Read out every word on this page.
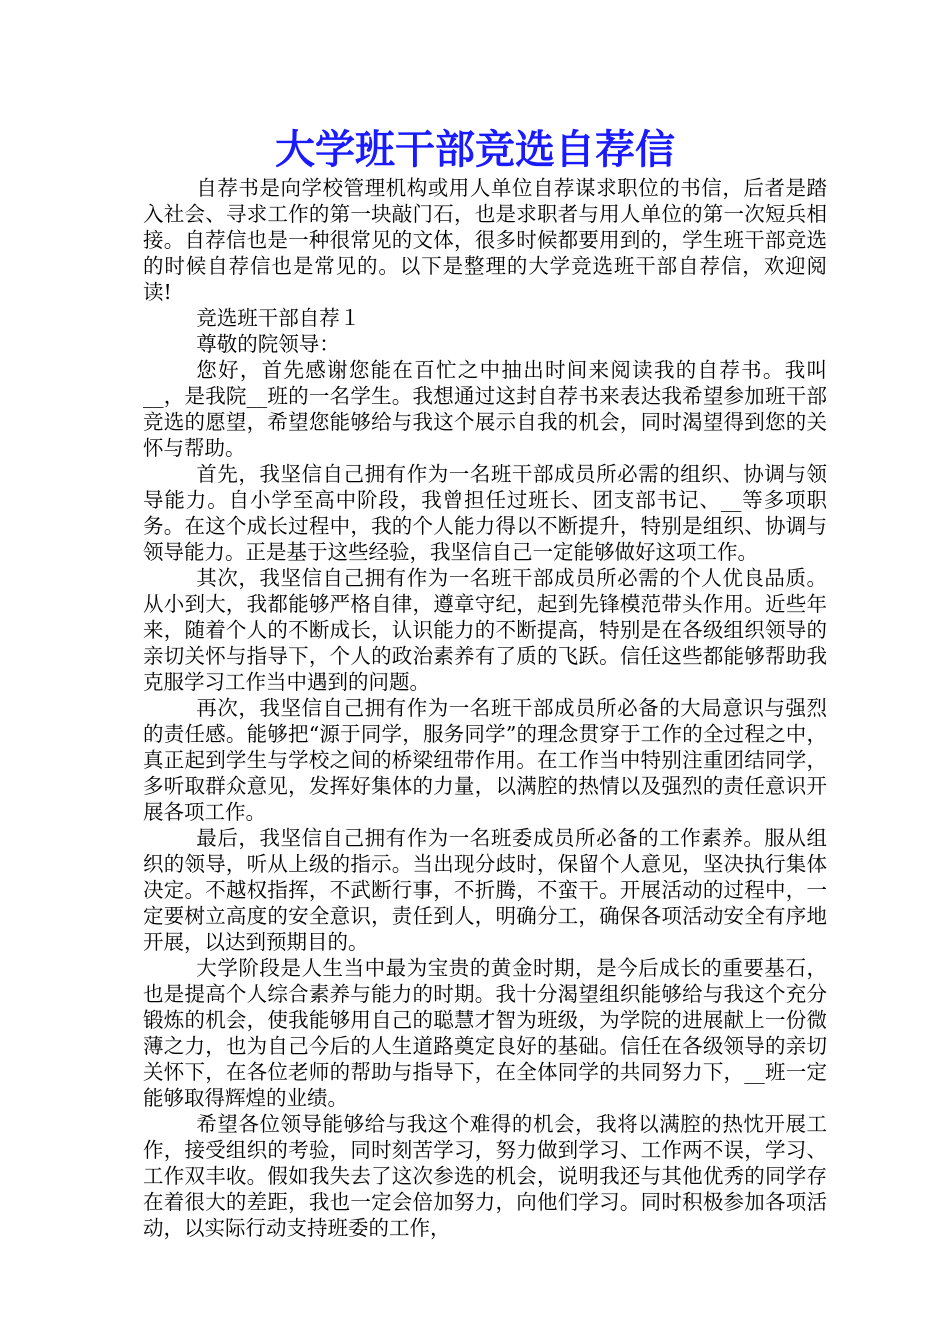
大学班干部竞选自荐信

自荐书是向学校管理机构或用人单位自荐谋求职位的书信，后者是踏入社会、寻求工作的第一块敲门石，也是求职者与用人单位的第一次短兵相接。自荐信也是一种很常见的文体，很多时候都要用到的，学生班干部竞选的时候自荐信也是常见的。以下是整理的大学竞选班干部自荐信，欢迎阅读!

竞选班干部自荐１

尊敬的院领导：

您好，首先感谢您能在百忙之中抽出时间来阅读我的自荐书。我叫__，是我院__班的一名学生。我想通过这封自荐书来表达我希望参加班干部竞选的愿望，希望您能够给与我这个展示自我的机会，同时渴望得到您的关怀与帮助。

首先，我坚信自己拥有作为一名班干部成员所必需的组织、协调与领导能力。自小学至高中阶段，我曾担任过班长、团支部书记、__等多项职务。在这个成长过程中，我的个人能力得以不断提升，特别是组织、协调与领导能力。正是基于这些经验，我坚信自己一定能够做好这项工作。

其次，我坚信自己拥有作为一名班干部成员所必需的个人优良品质。从小到大，我都能够严格自律，遵章守纪，起到先锋模范带头作用。近些年来，随着个人的不断成长，认识能力的不断提高，特别是在各级组织领导的亲切关怀与指导下，个人的政治素养有了质的飞跃。信任这些都能够帮助我克服学习工作当中遇到的问题。

再次，我坚信自己拥有作为一名班干部成员所必备的大局意识与强烈的责任感。能够把“源于同学，服务同学”的理念贯穿于工作的全过程之中，真正起到学生与学校之间的桥梁纽带作用。在工作当中特别注重团结同学，多听取群众意见，发挥好集体的力量，以满腔的热情以及强烈的责任意识开展各项工作。

最后，我坚信自己拥有作为一名班委成员所必备的工作素养。服从组织的领导，听从上级的指示。当出现分歧时，保留个人意见，坚决执行集体决定。不越权指挥，不武断行事，不折腾，不蛮干。开展活动的过程中，一定要树立高度的安全意识，责任到人，明确分工，确保各项活动安全有序地开展，以达到预期目的。

大学阶段是人生当中最为宝贵的黄金时期，是今后成长的重要基石，也是提高个人综合素养与能力的时期。我十分渴望组织能够给与我这个充分锻炼的机会，使我能够用自己的聪慧才智为班级，为学院的进展献上一份微薄之力，也为自己今后的人生道路奠定良好的基础。信任在各级领导的亲切关怀下，在各位老师的帮助与指导下，在全体同学的共同努力下，__班一定能够取得辉煌的业绩。

希望各位领导能够给与我这个难得的机会，我将以满腔的热忱开展工作，接受组织的考验，同时刻苦学习，努力做到学习、工作两不误，学习、工作双丰收。假如我失去了这次参选的机会，说明我还与其他优秀的同学存在着很大的差距，我也一定会倍加努力，向他们学习。同时积极参加各项活动，以实际行动支持班委的工作，
